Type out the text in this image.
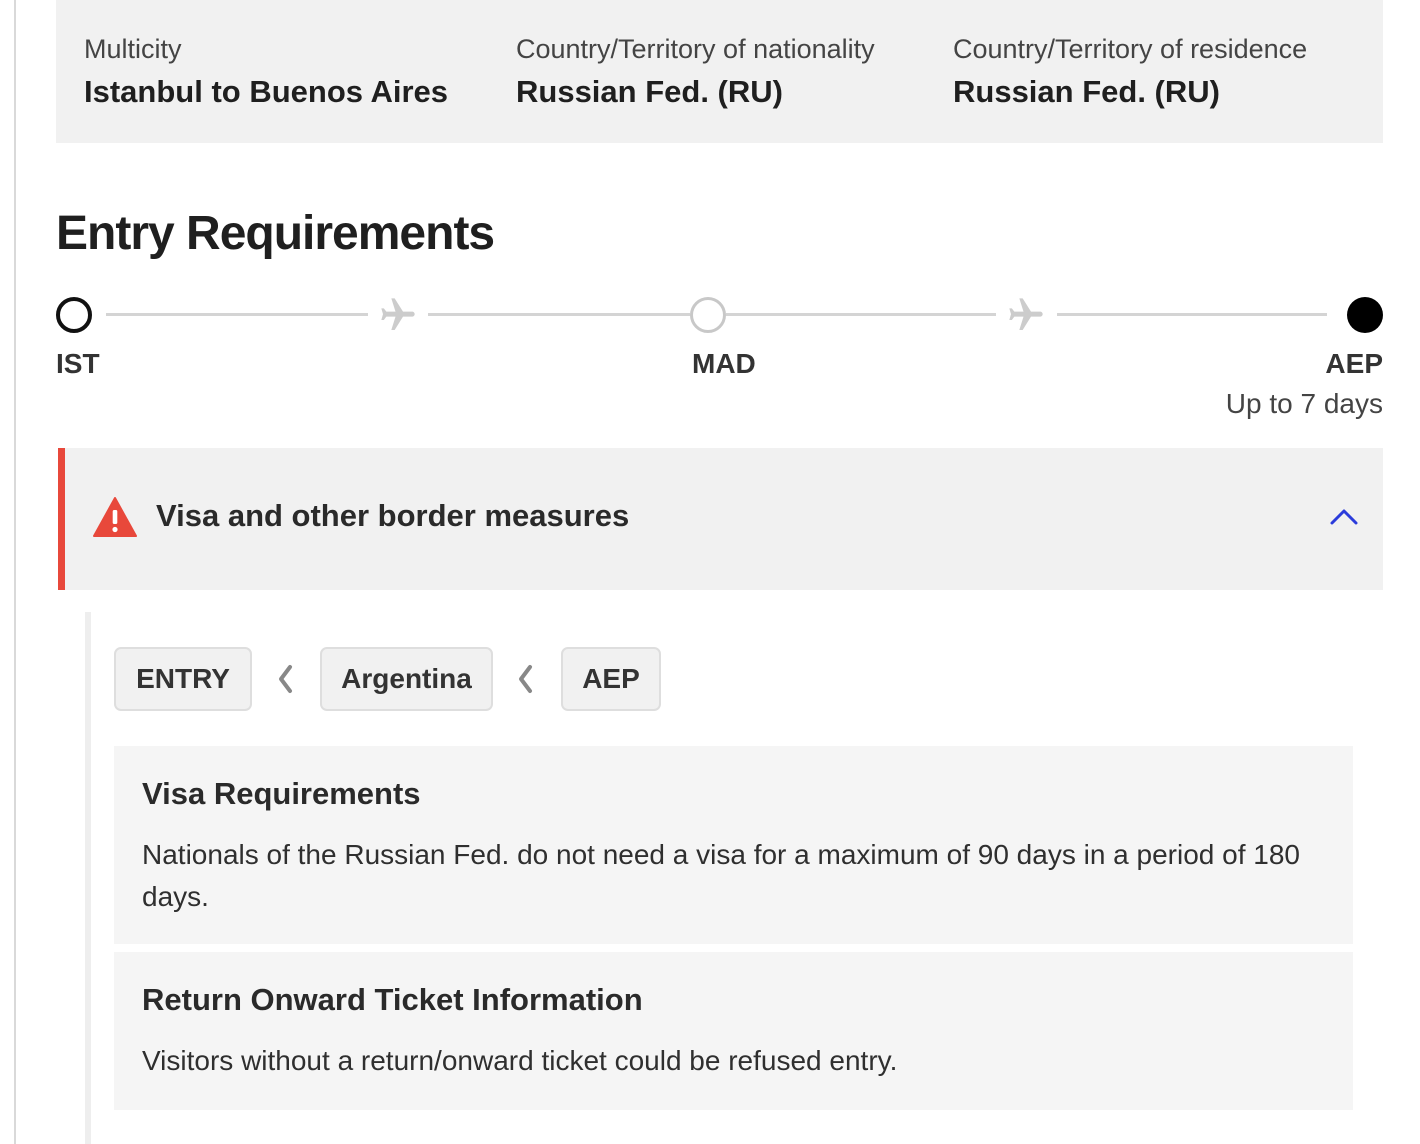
Multicity
Istanbul to Buenos Aires
Country/Territory of nationality
Russian Fed. (RU)
Country/Territory of residence
Russian Fed. (RU)
Entry Requirements
IST	MAD	AEP
Up to 7 days
Visa and other border measures
ENTRY	Argentina	AEP
Visa Requirements

Nationals of the Russian Fed. do not need a visa for a maximum of 90 days in a period of 180 days.

Return Onward Ticket Information

Visitors without a return/onward ticket could be refused entry.
